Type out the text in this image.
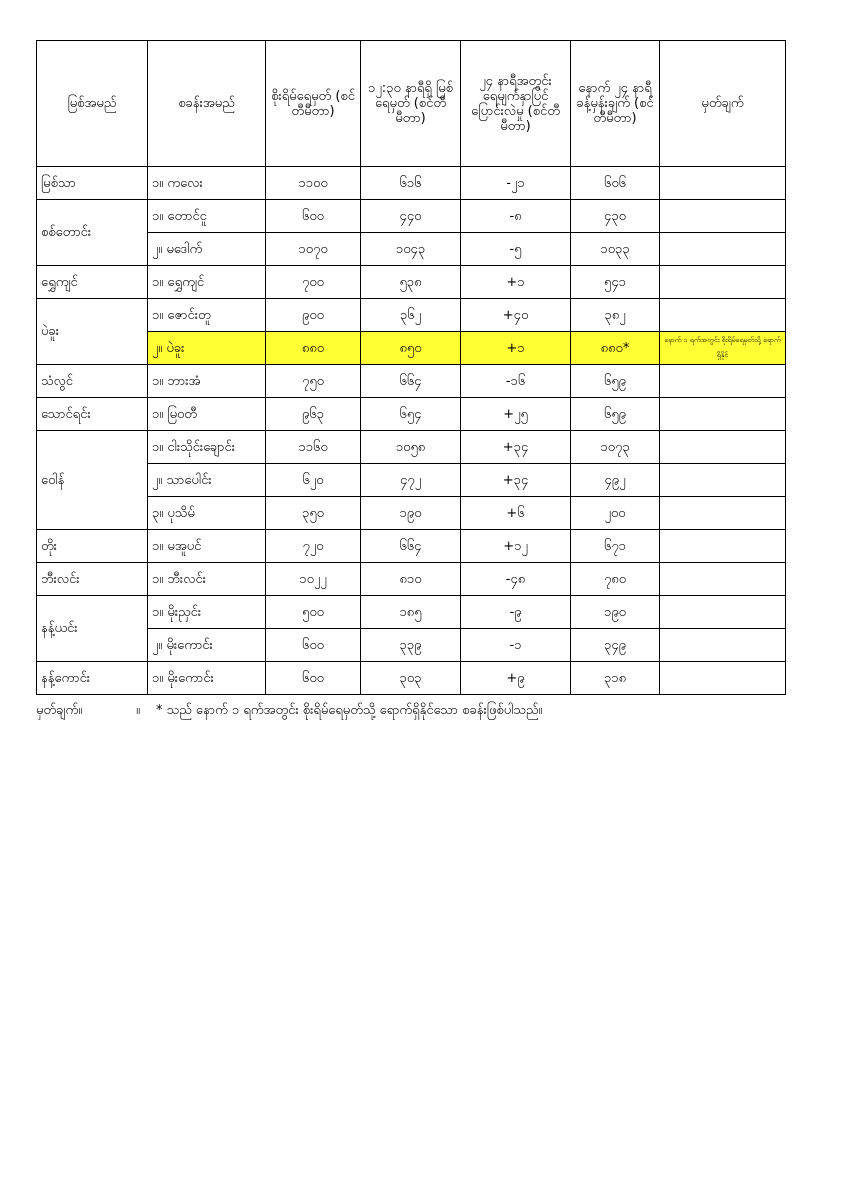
မြစ်အမည်	စခန်းအမည်	စိုးရိမ်ရေမှတ် (စင်တီမီတာ)	၁၂:၃၀ နာရီရှိ မြစ်ရေမှတ် (စင်တီမီတာ)	၂၄ နာရီအတွင်း ရေမျက်နှာပြင် ပြောင်းလဲမှု (စင်တီမီတာ)	နောက် ၂၄ နာရီ ခန့်မှန်းချက် (စင်တီမီတာ)	မှတ်ချက်
မြစ်သာ	၁။ ကလေး	၁၁၀၀	၆၁၆	-၂၁	၆၀၆	
စစ်တောင်း	၁။ တောင်ငူ	၆၀၀	၄၄၀	-၈	၄၃၀	
	၂။ မဒေါက်	၁၀၇၀	၁၀၄၃	-၅	၁၀၃၃	
ရွှေကျင်	၁။ ရွှေကျင်	၇၀၀	၅၃၈	+၁	၅၄၁	
ပဲခူး	၁။ ဇောင်းတူ	၉၀၀	၃၆၂	+၄၀	၃၈၂	
	၂။ ပဲခူး	၈၈၀	၈၅၀	+၁	၈၈၀*	နောက် ၁ ရက်အတွင်း စိုးရိမ်ရေမှတ်သို့ ရောက်ရှိနိုင်
သံလွင်	၁။ ဘားအံ	၇၅၀	၆၆၄	-၁၆	၆၅၉	
သောင်ရင်း	၁။ မြဝတီ	၉၆၃	၆၅၄	+၂၅	၆၅၉	
ဝေါန်	၁။ ငါးသိုင်းချောင်း	၁၁၆၀	၁၀၅၈	+၃၄	၁၀၇၃	
	၂။ သာပေါင်း	၆၂၀	၄၇၂	+၃၄	၄၉၂	
	၃။ ပုသိမ်	၃၅၀	၁၉၀	+၆	၂၀၀	
တိုး	၁။ မအူပင်	၇၂၀	၆၆၄	+၁၂	၆၇၁	
ဘီးလင်း	၁။ ဘီးလင်း	၁၀၂၂	၈၁၀	-၄၈	၇၈၀	
နန့်ယင်း	၁။ မိုးညှင်း	၅၀၀	၁၈၅	-၉	၁၉၀	
	၂။ မိုးကောင်း	၆၀၀	၃၃၉	-၁	၃၄၉	
နန့်ကောင်း	၁။ မိုးကောင်း	၆၀၀	၃၀၃	+၉	၃၁၈	
မှတ်ချက်။	။ * သည် နောက် ၁ ရက်အတွင်း စိုးရိမ်ရေမှတ်သို့ ရောက်ရှိနိုင်သော စခန်းဖြစ်ပါသည်။
